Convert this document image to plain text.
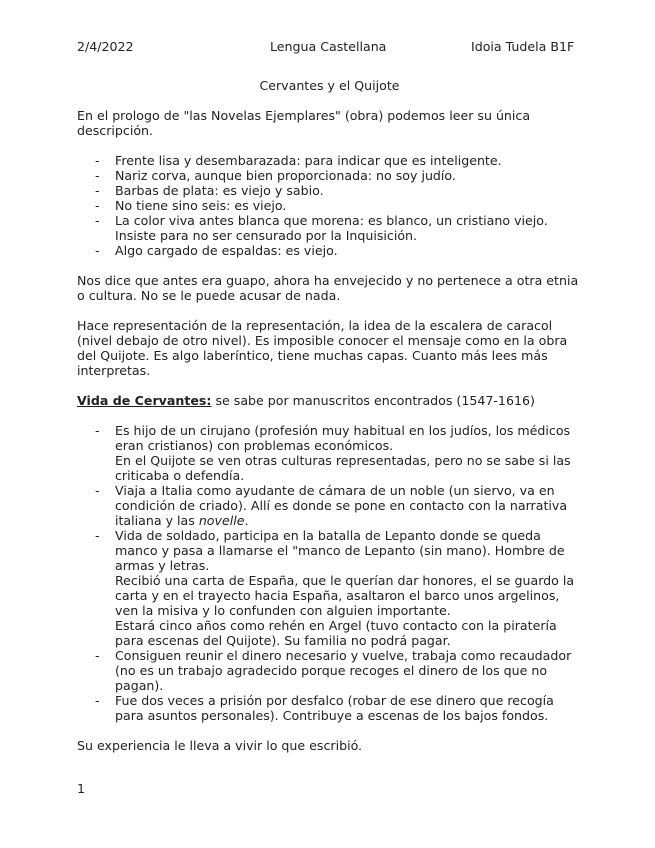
2/4/2022	Lengua Castellana	Idoia Tudela B1F
Cervantes y el Quijote

En el prologo de "las Novelas Ejemplares" (obra) podemos leer su única descripción.

- Frente lisa y desembarazada: para indicar que es inteligente.
- Nariz corva, aunque bien proporcionada: no soy judío.
- Barbas de plata: es viejo y sabio.
- No tiene sino seis: es viejo.
- La color viva antes blanca que morena: es blanco, un cristiano viejo. Insiste para no ser censurado por la Inquisición.
- Algo cargado de espaldas: es viejo.

Nos dice que antes era guapo, ahora ha envejecido y no pertenece a otra etnia o cultura. No se le puede acusar de nada.

Hace representación de la representación, la idea de la escalera de caracol (nivel debajo de otro nivel). Es imposible conocer el mensaje como en la obra del Quijote. Es algo laberíntico, tiene muchas capas. Cuanto más lees más interpretas.

Vida de Cervantes: se sabe por manuscritos encontrados (1547-1616)

- Es hijo de un cirujano (profesión muy habitual en los judíos, los médicos eran cristianos) con problemas económicos.
En el Quijote se ven otras culturas representadas, pero no se sabe si las criticaba o defendía.
- Viaja a Italia como ayudante de cámara de un noble (un siervo, va en condición de criado). Allí es donde se pone en contacto con la narrativa italiana y las novelle.
- Vida de soldado, participa en la batalla de Lepanto donde se queda manco y pasa a llamarse el "manco de Lepanto (sin mano). Hombre de armas y letras.
Recibió una carta de España, que le querían dar honores, el se guardo la carta y en el trayecto hacia España, asaltaron el barco unos argelinos, ven la misiva y lo confunden con alguien importante.
Estará cinco años como rehén en Argel (tuvo contacto con la piratería para escenas del Quijote). Su familia no podrá pagar.
- Consiguen reunir el dinero necesario y vuelve, trabaja como recaudador (no es un trabajo agradecido porque recoges el dinero de los que no pagan).
- Fue dos veces a prisión por desfalco (robar de ese dinero que recogía para asuntos personales). Contribuye a escenas de los bajos fondos.

Su experiencia le lleva a vivir lo que escribió.

1
